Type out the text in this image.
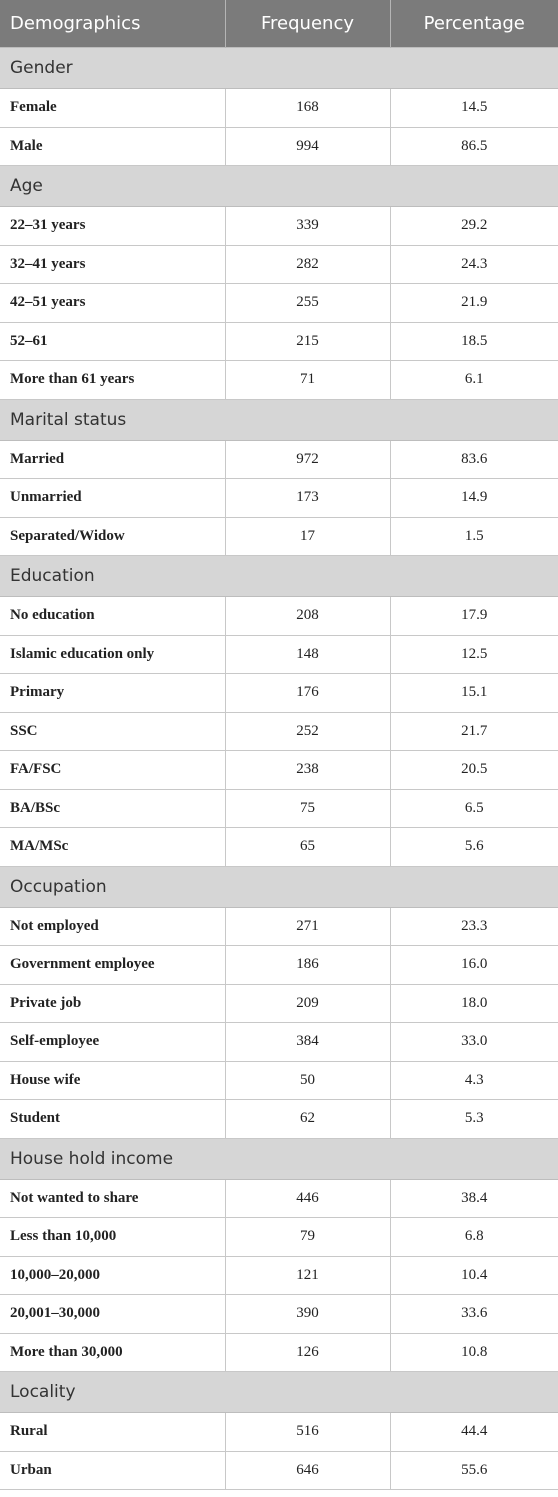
Demographics	Frequency	Percentage
Gender		
Female	168	14.5
Male	994	86.5
Age		
22–31 years	339	29.2
32–41 years	282	24.3
42–51 years	255	21.9
52–61	215	18.5
More than 61 years	71	6.1
Marital status		
Married	972	83.6
Unmarried	173	14.9
Separated/Widow	17	1.5
Education		
No education	208	17.9
Islamic education only	148	12.5
Primary	176	15.1
SSC	252	21.7
FA/FSC	238	20.5
BA/BSc	75	6.5
MA/MSc	65	5.6
Occupation		
Not employed	271	23.3
Government employee	186	16.0
Private job	209	18.0
Self-employee	384	33.0
House wife	50	4.3
Student	62	5.3
House hold income		
Not wanted to share	446	38.4
Less than 10,000	79	6.8
10,000–20,000	121	10.4
20,001–30,000	390	33.6
More than 30,000	126	10.8
Locality		
Rural	516	44.4
Urban	646	55.6
